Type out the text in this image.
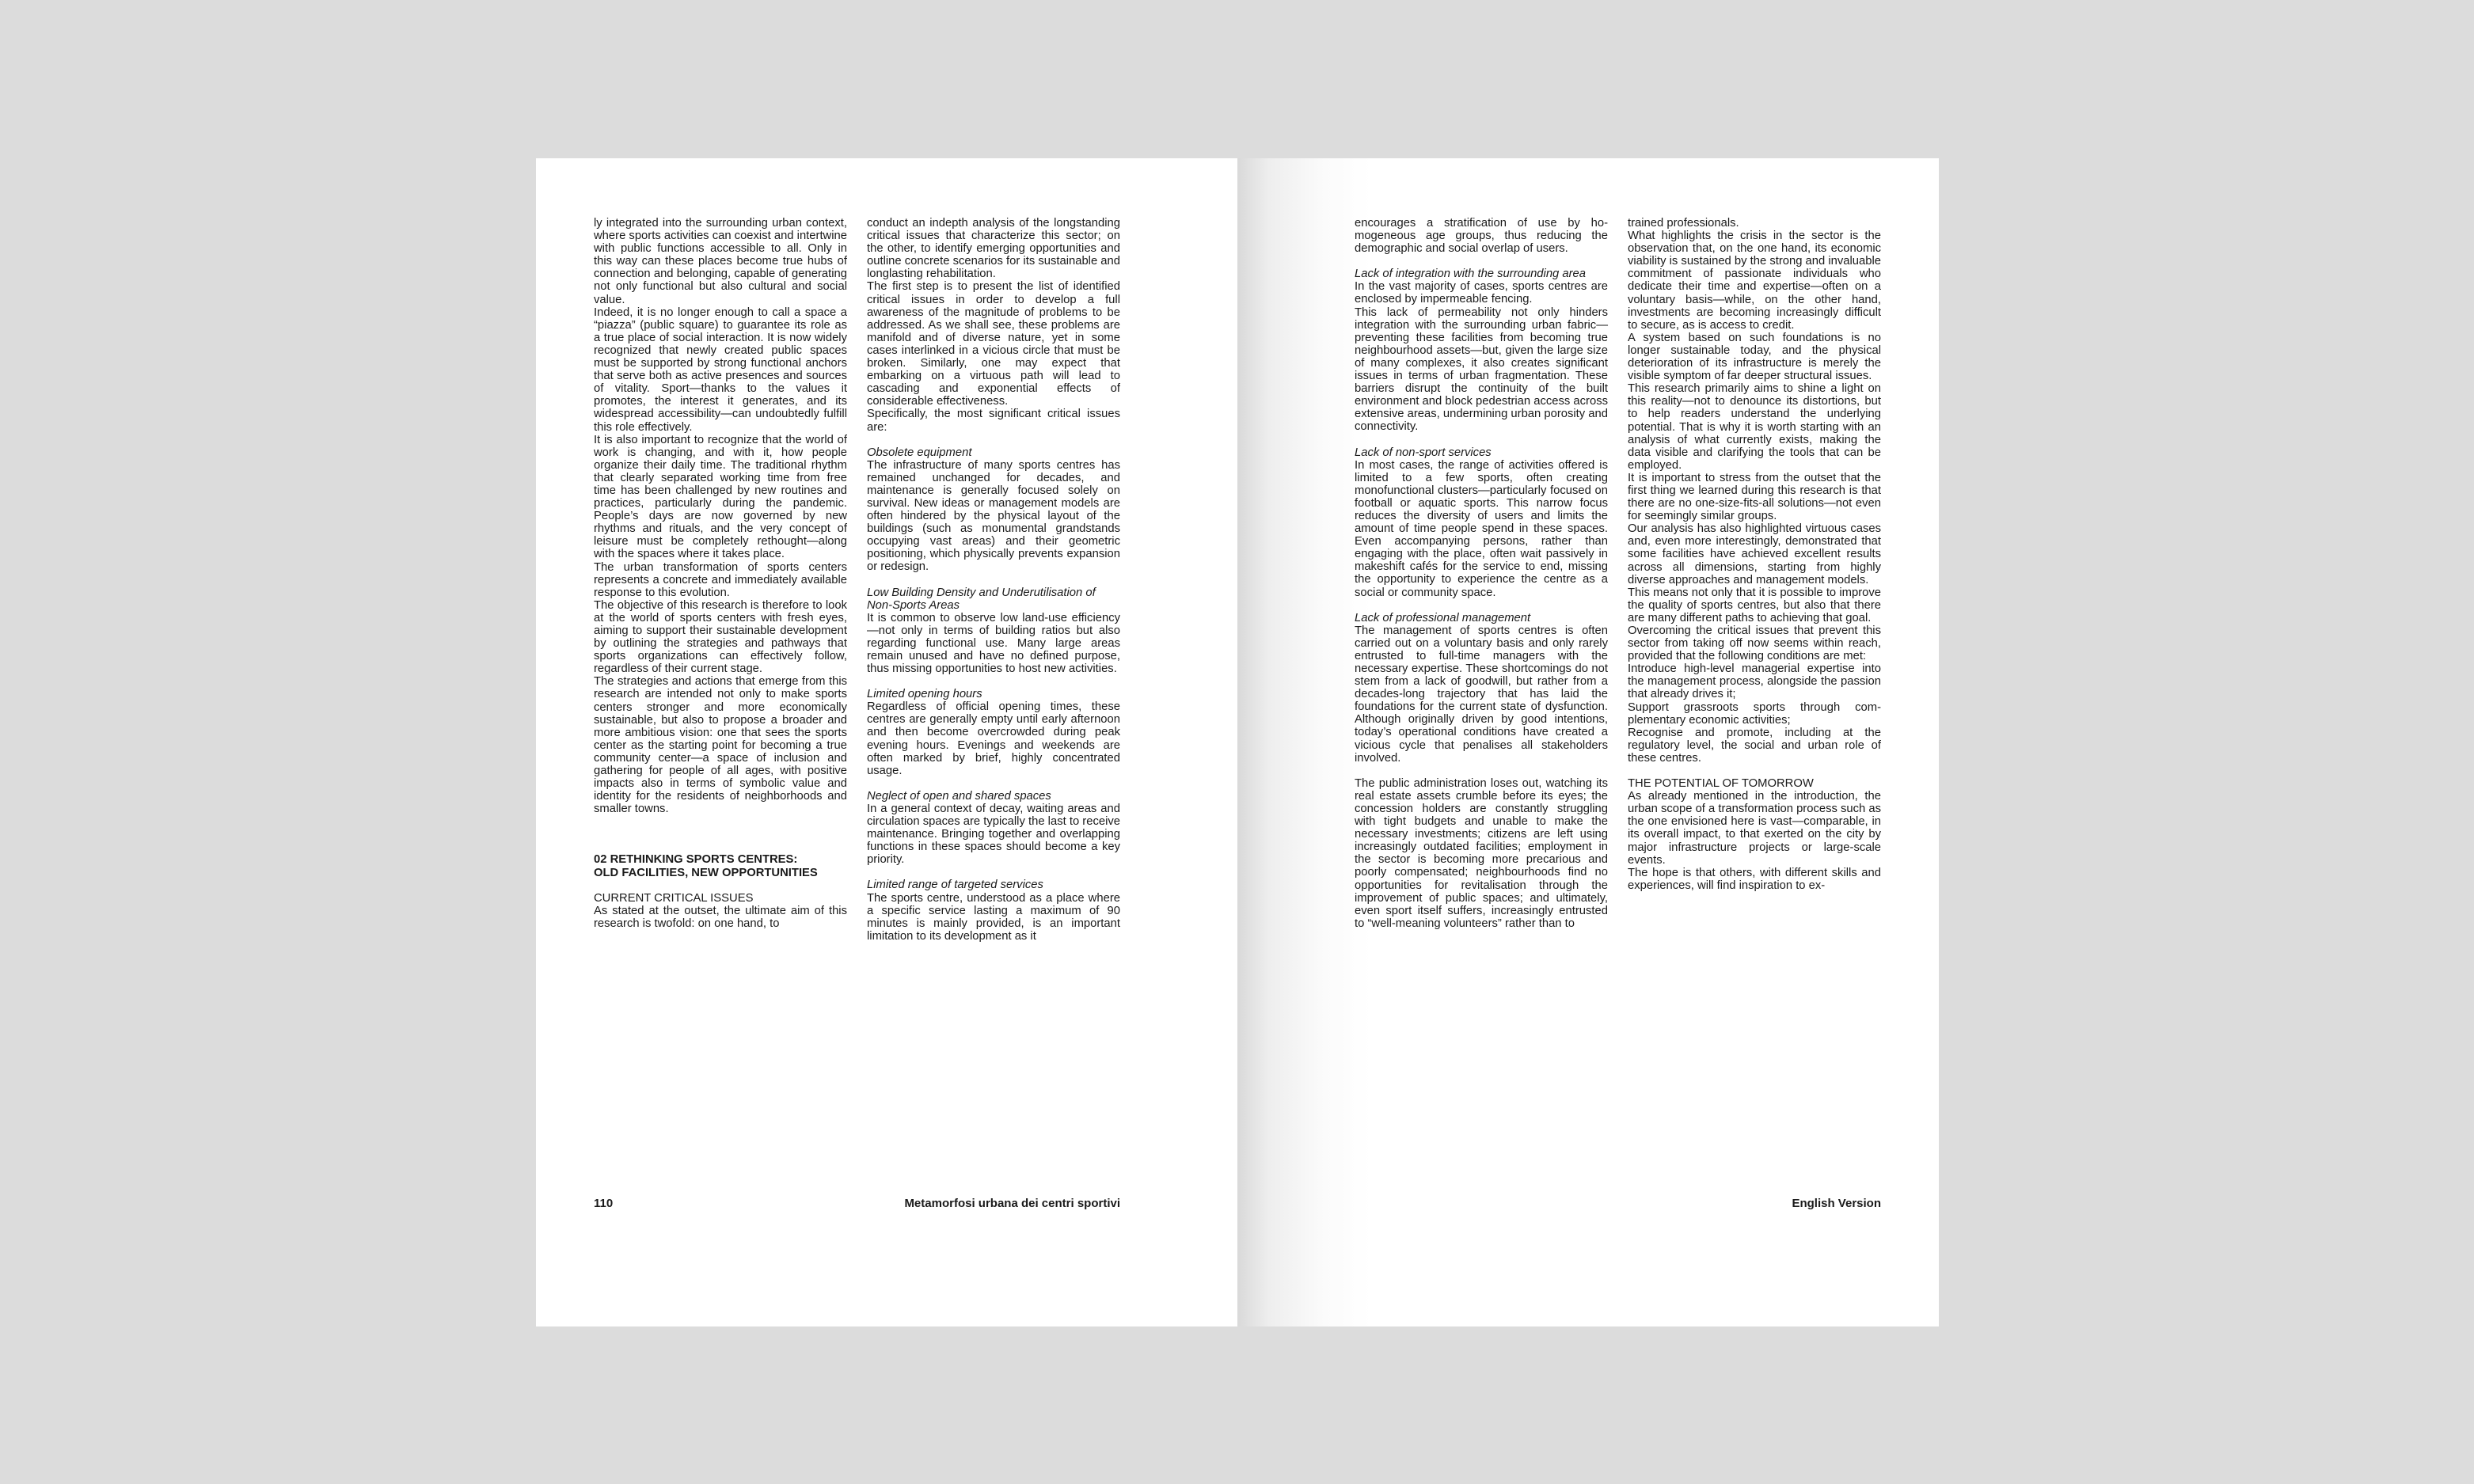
ly integrated into the surrounding urban context, where sports activities can coexist and intertwine with public functions accessible to all. Only in this way can these places become true hubs of connection and belonging, capable of generating not only functional but also cultural and social value.

Indeed, it is no longer enough to call a space a “piazza” (public square) to guarantee its role as a true place of social interaction. It is now widely recognized that newly created public spaces must be supported by strong functional anchors that serve both as active presences and sources of vitality. Sport—thanks to the values it promotes, the interest it generates, and its widespread accessibility—can undoubtedly fulfill this role effectively.

It is also important to recognize that the world of work is changing, and with it, how people organize their daily time. The traditional rhythm that clearly separated working time from free time has been challenged by new routines and practices, particularly during the pandemic. People’s days are now governed by new rhythms and rituals, and the very concept of leisure must be completely rethought—along with the spaces where it takes place.

The urban transformation of sports centers represents a concrete and immediately available response to this evolution.

The objective of this research is therefore to look at the world of sports centers with fresh eyes, aiming to support their sustainable development by outlining the strategies and pathways that sports organizations can effectively follow, regardless of their current stage.

The strategies and actions that emerge from this research are intended not only to make sports centers stronger and more economically sustainable, but also to propose a broader and more ambitious vision: one that sees the sports center as the starting point for becoming a true community center—a space of inclusion and gathering for people of all ages, with positive impacts also in terms of symbolic value and identity for the residents of neighborhoods and smaller towns.

02 RETHINKING SPORTS CENTRES:
OLD FACILITIES, NEW OPPORTUNITIES

CURRENT CRITICAL ISSUES

As stated at the outset, the ultimate aim of this research is twofold: on one hand, to

conduct an indepth analysis of the longstanding critical issues that characterize this sector; on the other, to identify emerging opportunities and outline concrete scenarios for its sustainable and longlasting rehabilitation.

The first step is to present the list of identified critical issues in order to develop a full awareness of the magnitude of problems to be addressed. As we shall see, these problems are manifold and of diverse nature, yet in some cases interlinked in a vicious circle that must be broken. Similarly, one may expect that embarking on a virtuous path will lead to cascading and exponential effects of considerable effectiveness.

Specifically, the most significant critical issues are:

Obsolete equipment

The infrastructure of many sports centres has remained unchanged for decades, and maintenance is generally focused solely on survival. New ideas or management models are often hindered by the physical layout of the buildings (such as monumental grandstands occupying vast areas) and their geometric positioning, which physically prevents expansion or redesign.

Low Building Density and Underutilisation of Non-Sports Areas

It is common to observe low land-use efficiency—not only in terms of building ratios but also regarding functional use. Many large areas remain unused and have no defined purpose, thus missing opportunities to host new activities.

Limited opening hours

Regardless of official opening times, these centres are generally empty until early afternoon and then become overcrowded during peak evening hours. Evenings and weekends are often marked by brief, highly concentrated usage.

Neglect of open and shared spaces

In a general context of decay, waiting areas and circulation spaces are typically the last to receive maintenance. Bringing together and overlapping functions in these spaces should become a key priority.

Limited range of targeted services

The sports centre, understood as a place where a specific service lasting a maximum of 90 minutes is mainly provided, is an important limitation to its development as it

110	Metamorfosi urbana dei centri sportivi

encourages a stratification of use by homogeneous age groups, thus reducing the demographic and social overlap of users.

Lack of integration with the surrounding area

In the vast majority of cases, sports centres are enclosed by impermeable fencing.

This lack of permeability not only hinders integration with the surrounding urban fabric—preventing these facilities from becoming true neighbourhood assets—but, given the large size of many complexes, it also creates significant issues in terms of urban fragmentation. These barriers disrupt the continuity of the built environment and block pedestrian access across extensive areas, undermining urban porosity and connectivity.

Lack of non-sport services

In most cases, the range of activities offered is limited to a few sports, often creating monofunctional clusters—particularly focused on football or aquatic sports. This narrow focus reduces the diversity of users and limits the amount of time people spend in these spaces. Even accompanying persons, rather than engaging with the place, often wait passively in makeshift cafés for the service to end, missing the opportunity to experience the centre as a social or community space.

Lack of professional management

The management of sports centres is often carried out on a voluntary basis and only rarely entrusted to full-time managers with the necessary expertise. These shortcomings do not stem from a lack of goodwill, but rather from a decades-long trajectory that has laid the foundations for the current state of dysfunction. Although originally driven by good intentions, today’s operational conditions have created a vicious cycle that penalises all stakeholders involved.

The public administration loses out, watching its real estate assets crumble before its eyes; the concession holders are constantly struggling with tight budgets and unable to make the necessary investments; citizens are left using increasingly outdated facilities; employment in the sector is becoming more precarious and poorly compensated; neighbourhoods find no opportunities for revitalisation through the improvement of public spaces; and ultimately, even sport itself suffers, increasingly entrusted to “well-meaning volunteers” rather than to

trained professionals.

What highlights the crisis in the sector is the observation that, on the one hand, its economic viability is sustained by the strong and invaluable commitment of passionate individuals who dedicate their time and expertise—often on a voluntary basis—while, on the other hand, investments are becoming increasingly difficult to secure, as is access to credit.

A system based on such foundations is no longer sustainable today, and the physical deterioration of its infrastructure is merely the visible symptom of far deeper structural issues.

This research primarily aims to shine a light on this reality—not to denounce its distortions, but to help readers understand the underlying potential. That is why it is worth starting with an analysis of what currently exists, making the data visible and clarifying the tools that can be employed.

It is important to stress from the outset that the first thing we learned during this research is that there are no one-size-fits-all solutions—not even for seemingly similar groups.

Our analysis has also highlighted virtuous cases and, even more interestingly, demonstrated that some facilities have achieved excellent results across all dimensions, starting from highly diverse approaches and management models.

This means not only that it is possible to improve the quality of sports centres, but also that there are many different paths to achieving that goal.

Overcoming the critical issues that prevent this sector from taking off now seems within reach, provided that the following conditions are met:

Introduce high-level managerial expertise into the management process, alongside the passion that already drives it;

Support grassroots sports through complementary economic activities;

Recognise and promote, including at the regulatory level, the social and urban role of these centres.

THE POTENTIAL OF TOMORROW

As already mentioned in the introduction, the urban scope of a transformation process such as the one envisioned here is vast—comparable, in its overall impact, to that exerted on the city by major infrastructure projects or large-scale events.

The hope is that others, with different skills and experiences, will find inspiration to ex-

English Version
